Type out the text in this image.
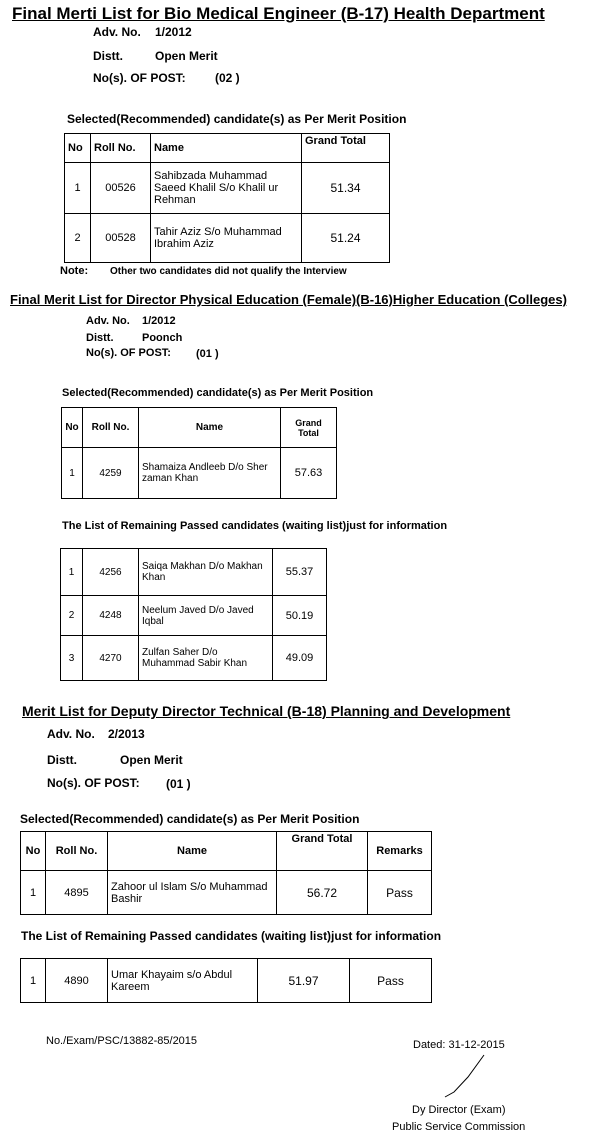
Final Merti List for Bio Medical Engineer (B-17) Health Department
Adv. No. 1/2012
Distt.	Open Merit
No(s). OF POST: (02 )
Selected(Recommended) candidate(s) as Per Merit Position
No	Roll No.	Name	Grand Total
1	00526	Sahibzada Muhammad Saeed Khalil S/o Khalil ur Rehman	51.34
2	00528	Tahir Aziz S/o Muhammad Ibrahim Aziz	51.24
Note: Other two candidates did not qualify the Interview
Final Merit List for Director Physical Education (Female)(B-16)Higher Education (Colleges)
Adv. No. 1/2012
Distt.	Poonch
No(s). OF POST: (01 )
Selected(Recommended) candidate(s) as Per Merit Position
No	Roll No.	Name	Grand Total
1	4259	Shamaiza Andleeb D/o Sher zaman Khan	57.63
The List of Remaining Passed candidates (waiting list)just for information
1	4256	Saiqa Makhan D/o Makhan Khan	55.37
2	4248	Neelum Javed D/o Javed Iqbal	50.19
3	4270	Zulfan Saher D/o Muhammad Sabir Khan	49.09
Merit List for Deputy Director Technical (B-18) Planning and Development
Adv. No. 2/2013
Distt.	Open Merit
No(s). OF POST: (01 )
Selected(Recommended) candidate(s) as Per Merit Position
No	Roll No.	Name	Grand Total	Remarks
1	4895	Zahoor ul Islam S/o Muhammad Bashir	56.72	Pass
The List of Remaining Passed candidates (waiting list)just for information
1	4890	Umar Khayaim s/o Abdul Kareem	51.97	Pass
No./Exam/PSC/13882-85/2015	Dated: 31-12-2015
Dy Director (Exam)
Public Service Commission
